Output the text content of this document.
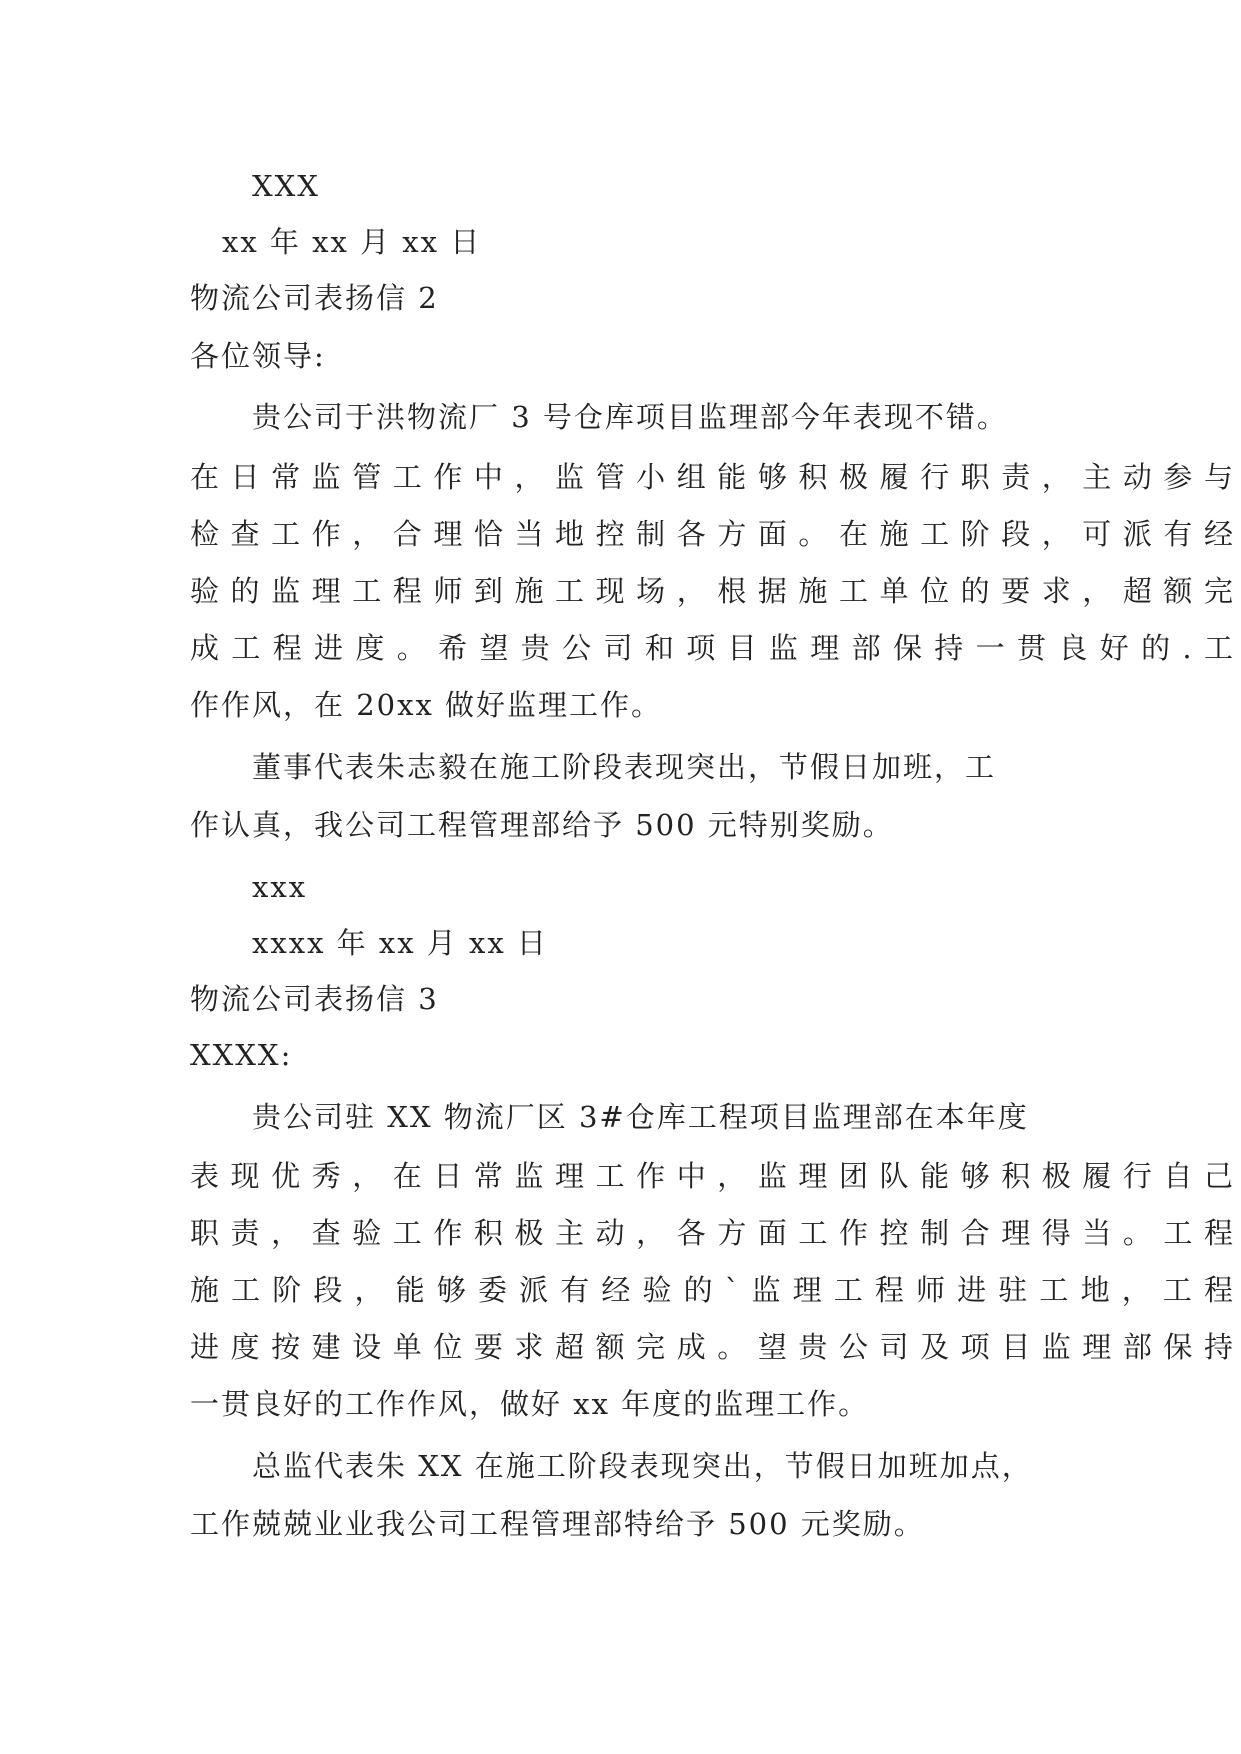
XXX
xx 年 xx 月 xx 日
物流公司表扬信 2
各位领导:
贵公司于洪物流厂 3 号仓库项目监理部今年表现不错。
在日常监管工作中，监管小组能够积极履行职责，主动参与
检查工作，合理恰当地控制各方面。在施工阶段，可派有经
验的监理工程师到施工现场，根据施工单位的要求，超额完
成工程进度。希望贵公司和项目监理部保持一贯良好的.工
作作风，在 20xx 做好监理工作。
董事代表朱志毅在施工阶段表现突出，节假日加班，工
作认真，我公司工程管理部给予 500 元特别奖励。
xxx
xxxx 年 xx 月 xx 日
物流公司表扬信 3
XXXX:
贵公司驻 XX 物流厂区 3#仓库工程项目监理部在本年度
表现优秀，在日常监理工作中，监理团队能够积极履行自己
职责，查验工作积极主动，各方面工作控制合理得当。工程
施工阶段，能够委派有经验的`监理工程师进驻工地，工程
进度按建设单位要求超额完成。望贵公司及项目监理部保持
一贯良好的工作作风，做好 xx 年度的监理工作。
总监代表朱 XX 在施工阶段表现突出，节假日加班加点，
工作兢兢业业我公司工程管理部特给予 500 元奖励。
